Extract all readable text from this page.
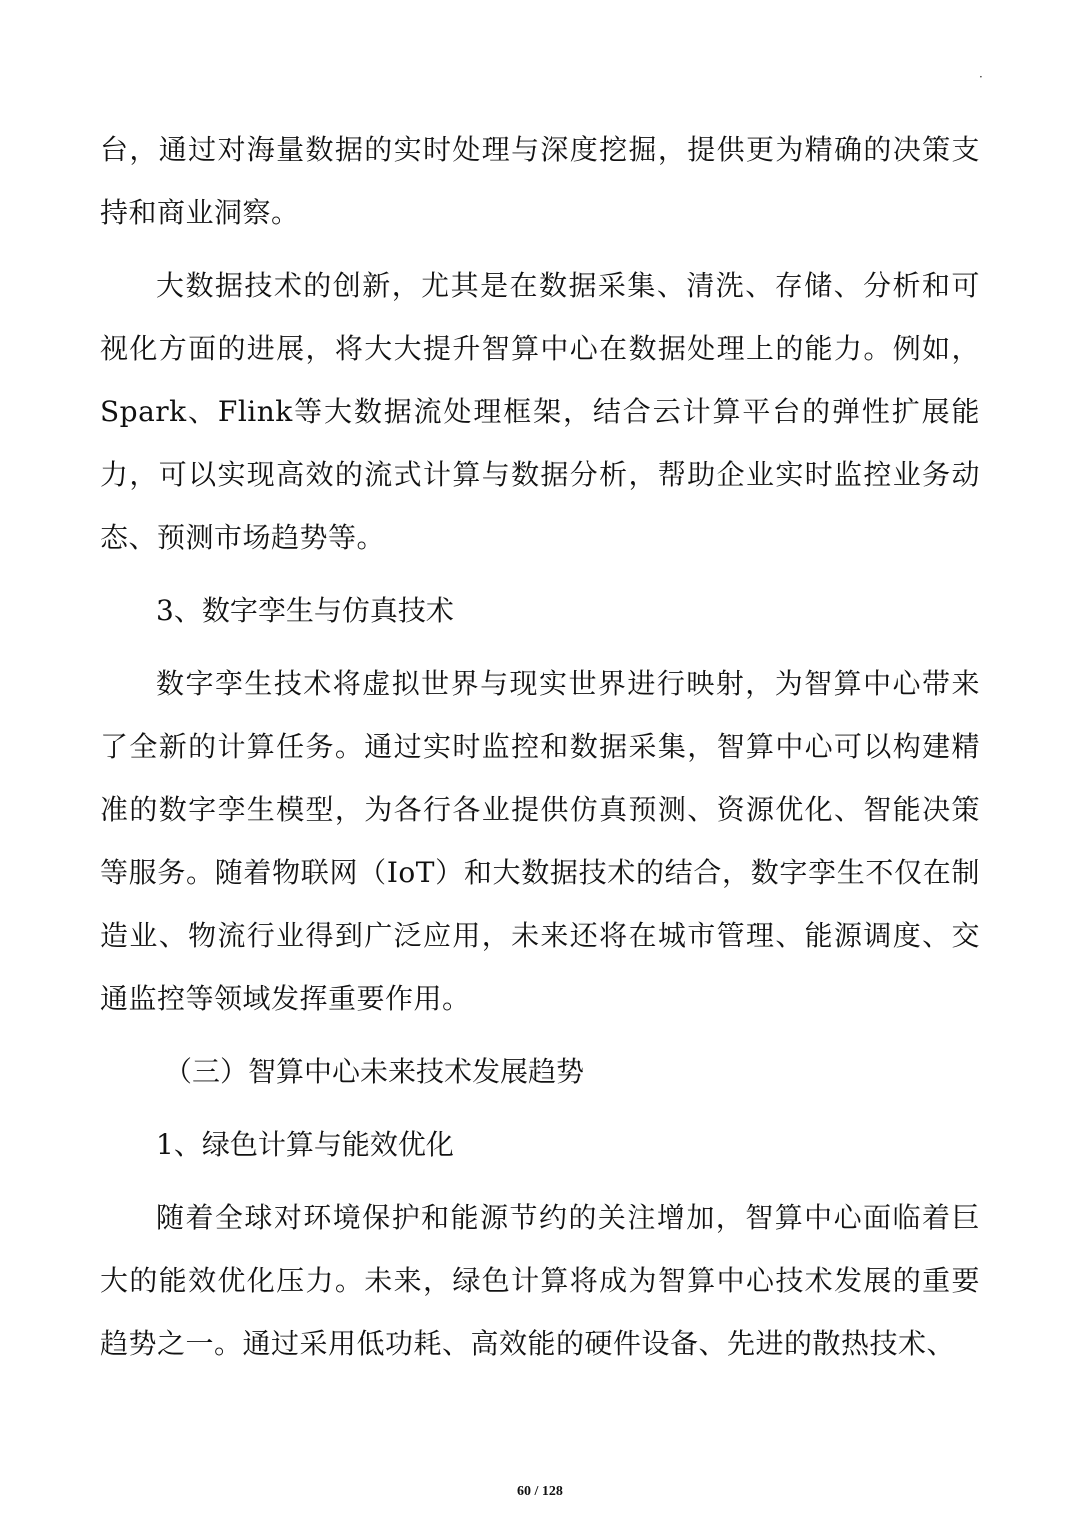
·

台，通过对海量数据的实时处理与深度挖掘，提供更为精确的决策支持和商业洞察。

大数据技术的创新，尤其是在数据采集、清洗、存储、分析和可视化方面的进展，将大大提升智算中心在数据处理上的能力。例如，Spark、Flink等大数据流处理框架，结合云计算平台的弹性扩展能力，可以实现高效的流式计算与数据分析，帮助企业实时监控业务动态、预测市场趋势等。

3、数字孪生与仿真技术

数字孪生技术将虚拟世界与现实世界进行映射，为智算中心带来了全新的计算任务。通过实时监控和数据采集，智算中心可以构建精准的数字孪生模型，为各行各业提供仿真预测、资源优化、智能决策等服务。随着物联网（IoT）和大数据技术的结合，数字孪生不仅在制造业、物流行业得到广泛应用，未来还将在城市管理、能源调度、交通监控等领域发挥重要作用。

（三）智算中心未来技术发展趋势

1、绿色计算与能效优化

随着全球对环境保护和能源节约的关注增加，智算中心面临着巨大的能效优化压力。未来，绿色计算将成为智算中心技术发展的重要趋势之一。通过采用低功耗、高效能的硬件设备、先进的散热技术、

60 / 128
